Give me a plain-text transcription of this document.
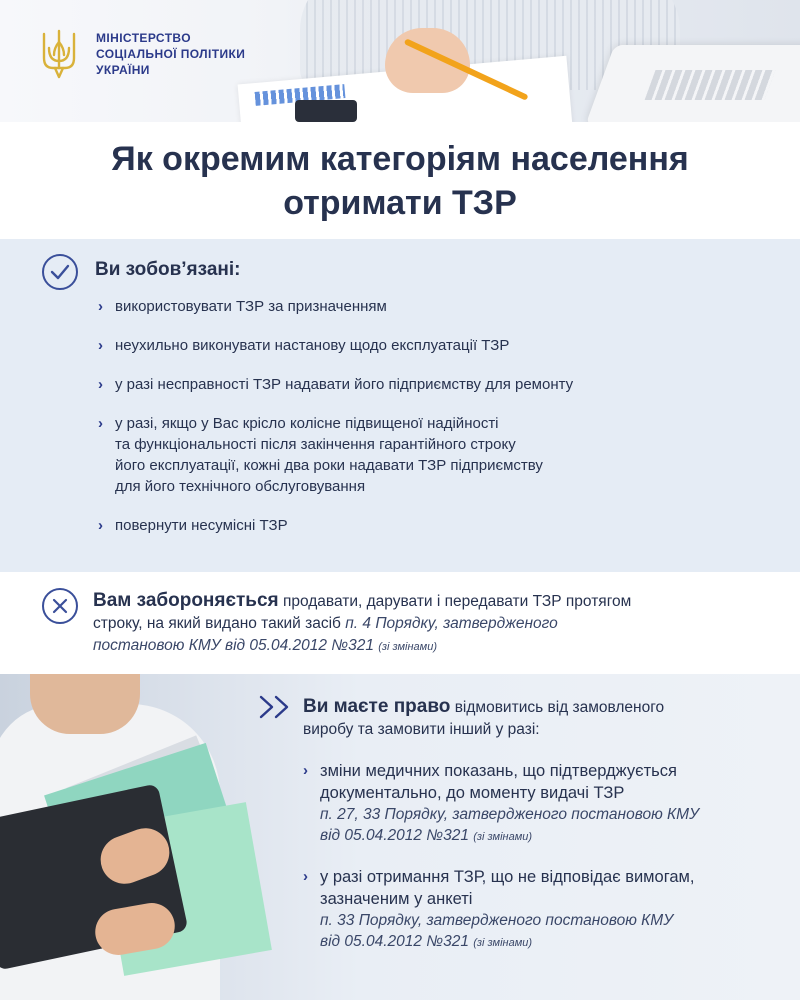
МІНІСТЕРСТВО
СОЦІАЛЬНОЇ ПОЛІТИКИ
УКРАЇНИ
Як окремим категоріям населення
отримати ТЗР
Ви зобов’язані:
› використовувати ТЗР за призначенням
› неухильно виконувати настанову щодо експлуатації ТЗР
› у разі несправності ТЗР надавати його підприємству для ремонту
› у разі, якщо у Вас крісло колісне підвищеної надійності
та функціональності після закінчення гарантійного строку
його експлуатації, кожні два роки надавати ТЗР підприємству
для його технічного обслуговування
› повернути несумісні ТЗР
Вам забороняється продавати, дарувати і передавати ТЗР протягом
строку, на який видано такий засіб п. 4 Порядку, затвердженого
постановою КМУ від 05.04.2012 №321 (зі змінами)
Ви маєте право відмовитись від замовленого
виробу та замовити інший у разі:
› зміни медичних показань, що підтверджується
документально, до моменту видачі ТЗР
п. 27, 33 Порядку, затвердженого постановою КМУ
від 05.04.2012 №321 (зі змінами)
› у разі отримання ТЗР, що не відповідає вимогам,
зазначеним у анкеті
п. 33 Порядку, затвердженого постановою КМУ
від 05.04.2012 №321 (зі змінами)
